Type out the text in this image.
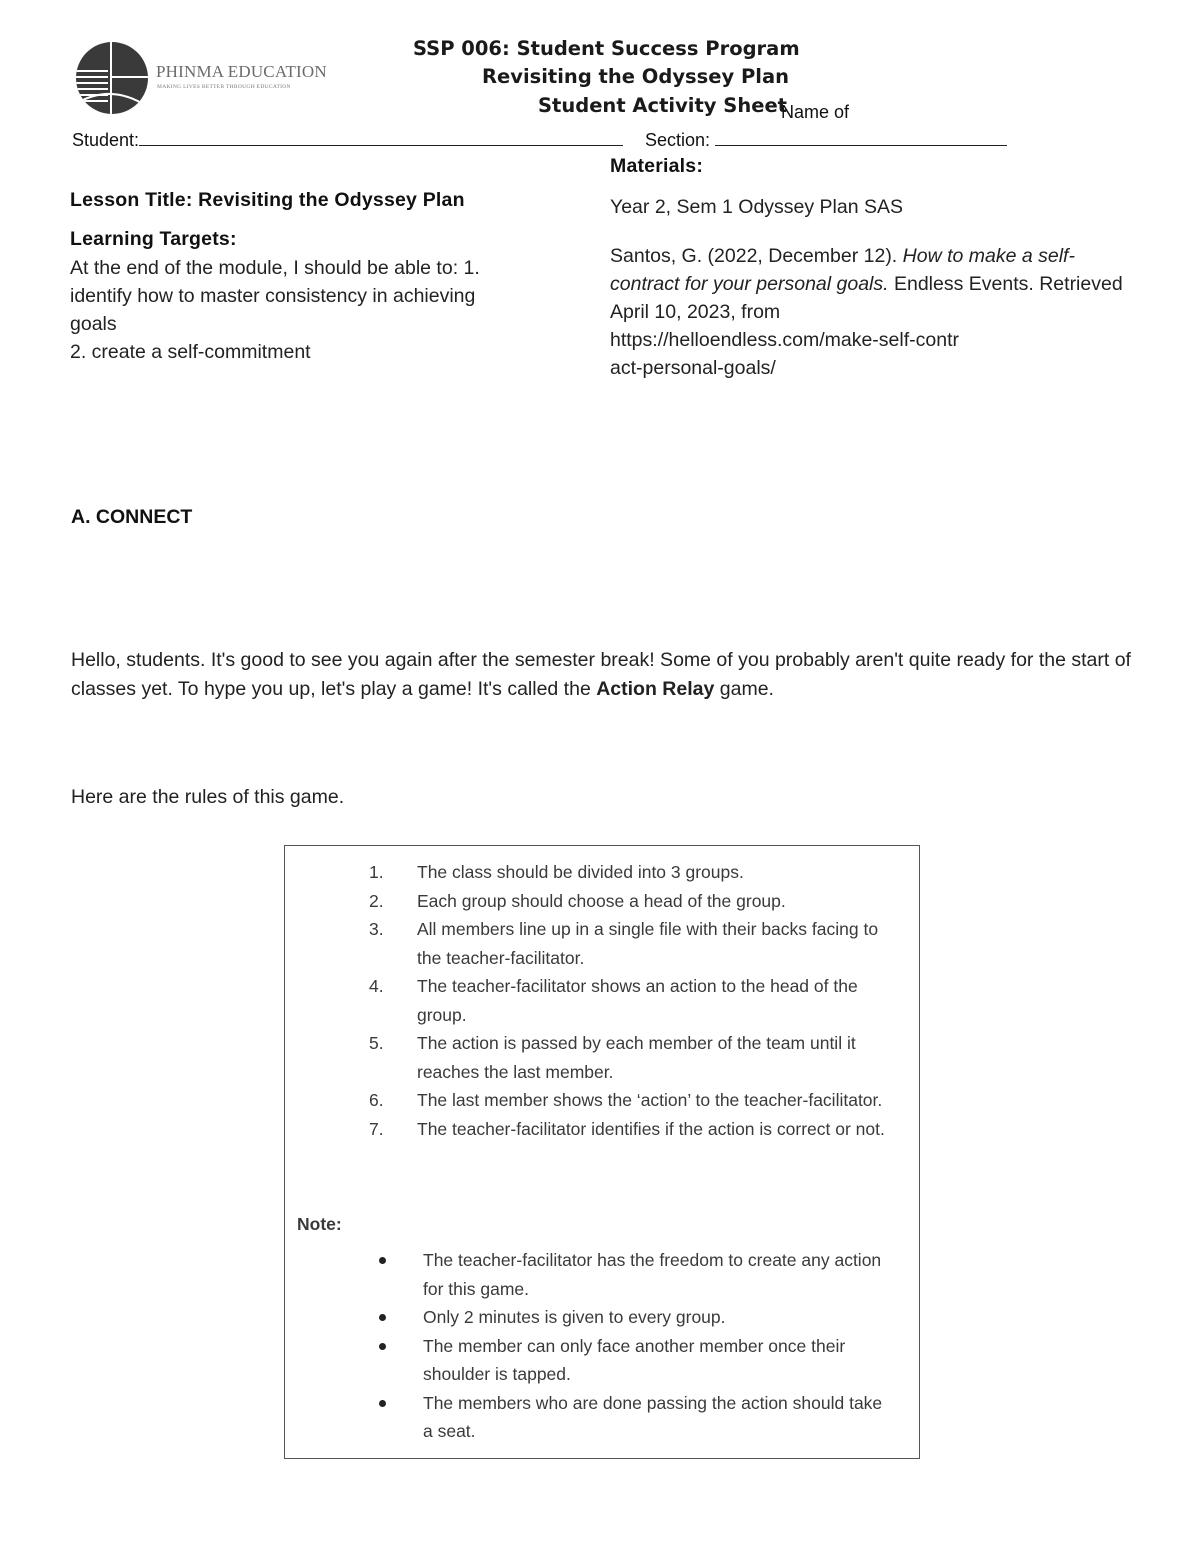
PHINMA EDUCATION
MAKING LIVES BETTER THROUGH EDUCATION
SSP 006: Student Success Program
Revisiting the Odyssey Plan
Student Activity Sheet
Name of
Student:	Section:
Lesson Title: Revisiting the Odyssey Plan
Learning Targets:
At the end of the module, I should be able to: 1.
identify how to master consistency in achieving
goals
2. create a self-commitment
Materials:
Year 2, Sem 1 Odyssey Plan SAS
Santos, G. (2022, December 12). How to make a self-contract for your personal goals. Endless Events. Retrieved April 10, 2023, from
https://helloendless.com/make-self-contr
act-personal-goals/
A. CONNECT
Hello, students. It's good to see you again after the semester break! Some of you probably aren't quite ready for the start of classes yet. To hype you up, let's play a game! It's called the Action Relay game.
Here are the rules of this game.
1. The class should be divided into 3 groups.
2. Each group should choose a head of the group.
3. All members line up in a single file with their backs facing to the teacher-facilitator.
4. The teacher-facilitator shows an action to the head of the group.
5. The action is passed by each member of the team until it reaches the last member.
6. The last member shows the ‘action’ to the teacher-facilitator.
7. The teacher-facilitator identifies if the action is correct or not.
Note:
The teacher-facilitator has the freedom to create any action for this game.
Only 2 minutes is given to every group.
The member can only face another member once their shoulder is tapped.
The members who are done passing the action should take a seat.
